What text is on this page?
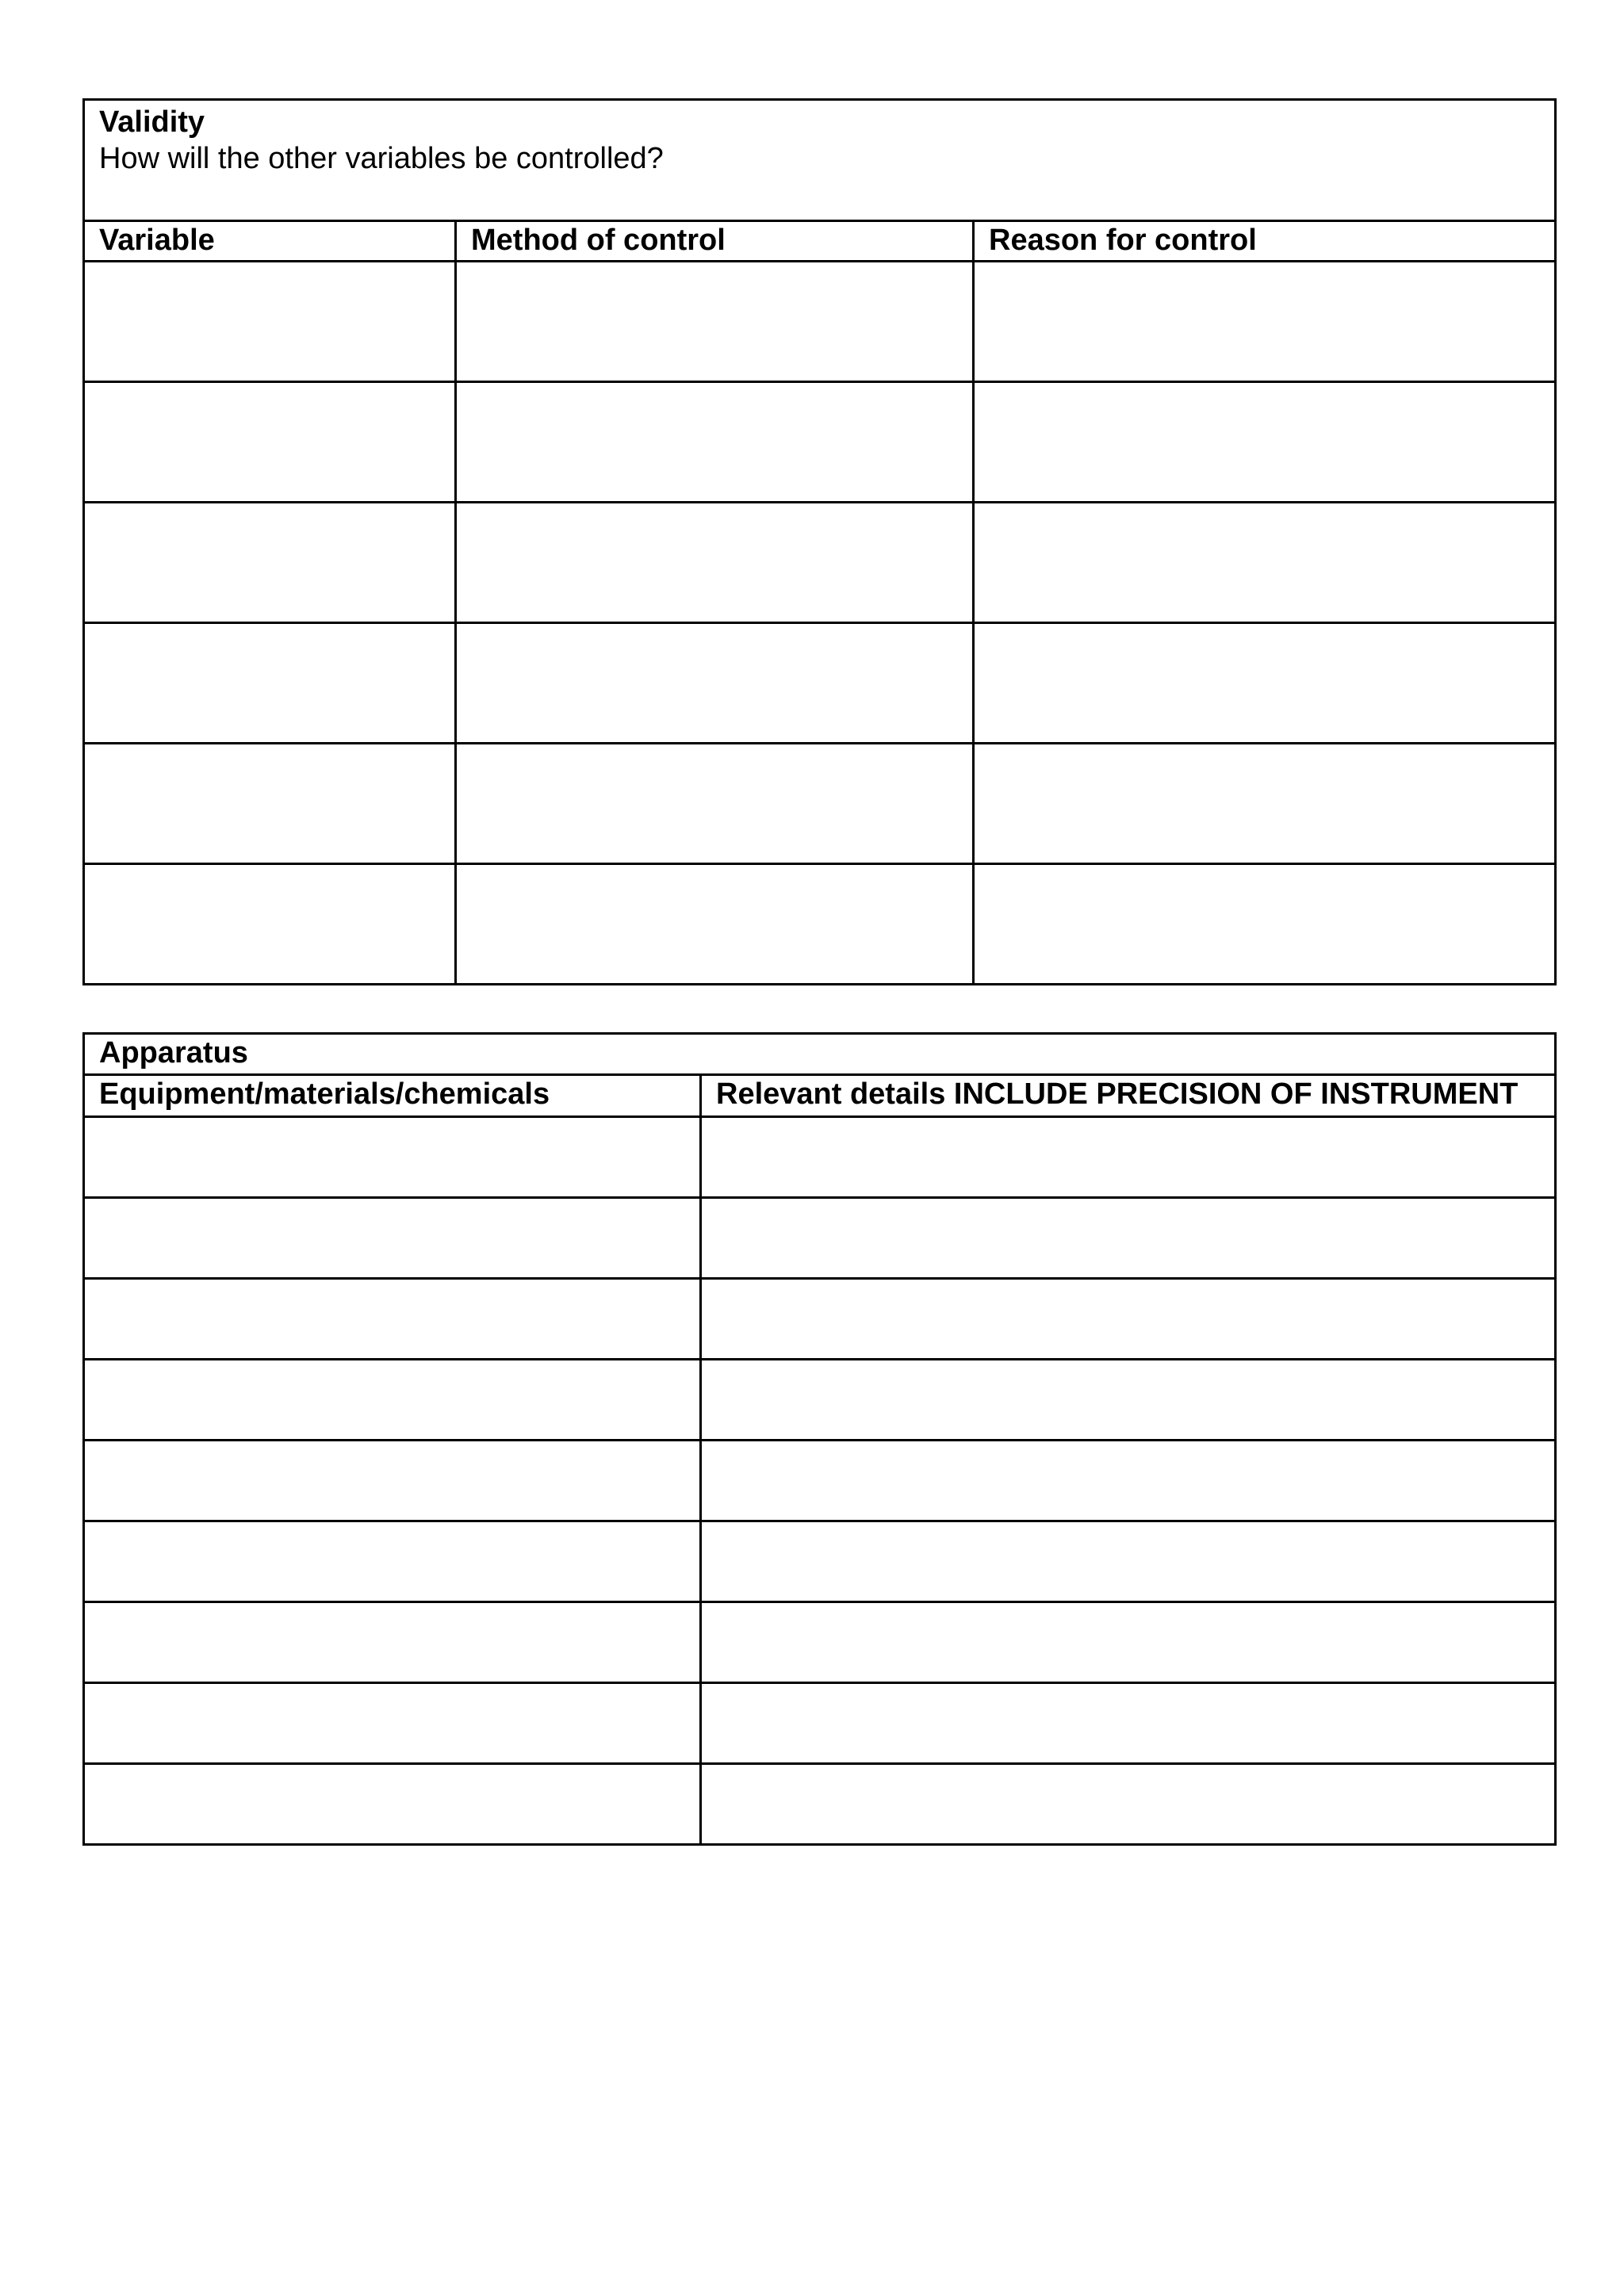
Validity
How will the other variables be controlled?		

Variable	Method of control	Reason for control

Apparatus	

Equipment/materials/chemicals	Relevant details INCLUDE PRECISION OF INSTRUMENT
